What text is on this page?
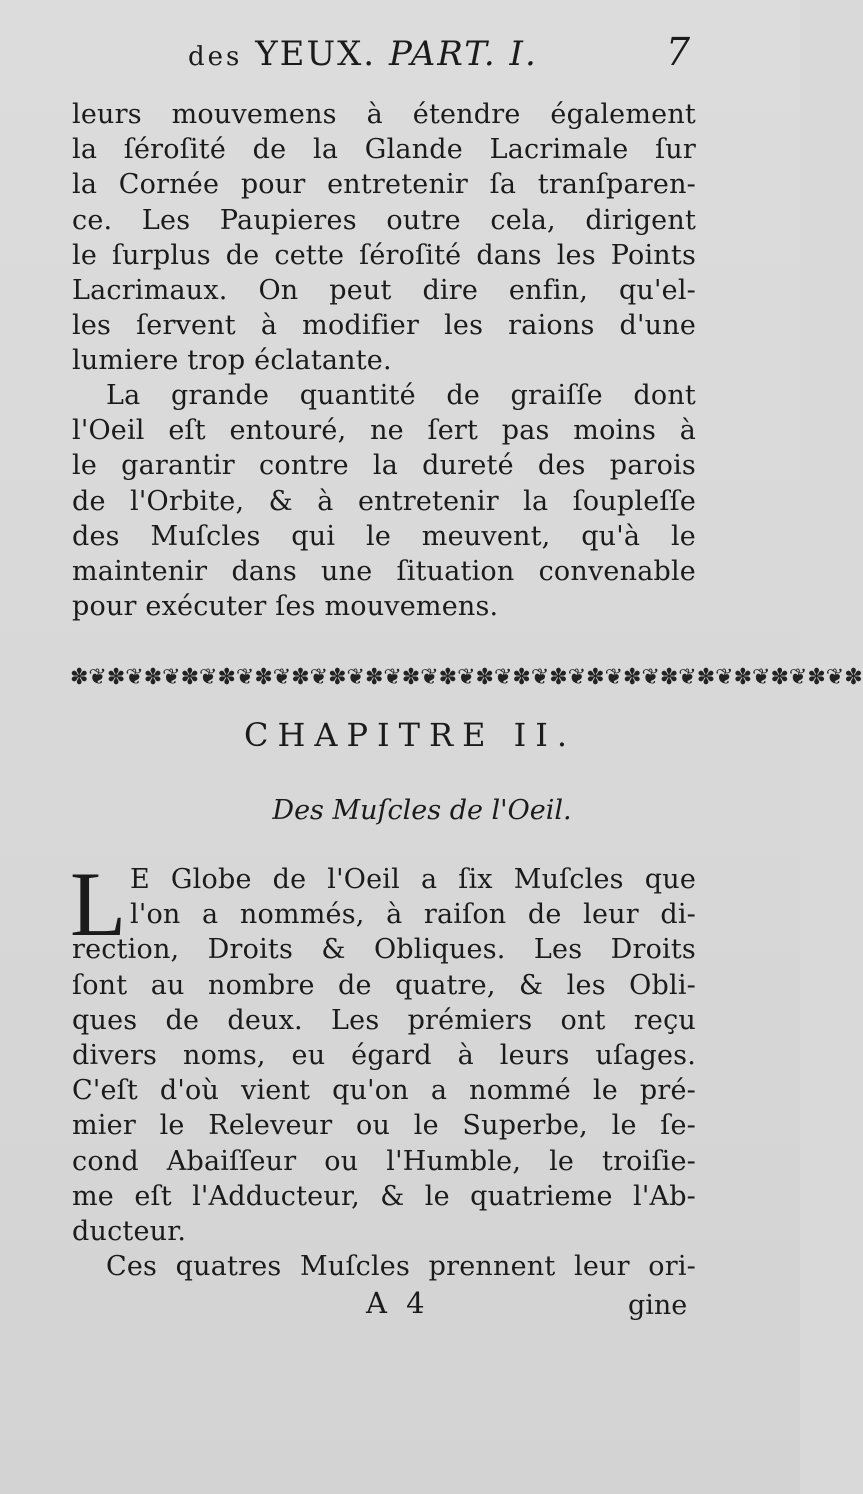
des YEUX. PART. I.	7
leurs mouvemens à étendre également
la ſéroſité de la Glande Lacrimale ſur
la Cornée pour entretenir ſa tranſparen-
ce. Les Paupieres outre cela, dirigent
le ſurplus de cette ſéroſité dans les Points
Lacrimaux. On peut dire enfin, qu'el-
les ſervent à modifier les raions d'une
lumiere trop éclatante.
La grande quantité de graiſſe dont
l'Oeil eſt entouré, ne ſert pas moins à
le garantir contre la dureté des parois
de l'Orbite, & à entretenir la ſoupleſſe
des Muſcles qui le meuvent, qu'à le
maintenir dans une ſituation convenable
pour exécuter ſes mouvemens.
✽❦✽❦✽❦✽❦✽❦✽❦✽❦✽❦✽❦✽❦✽❦✽❦✽❦✽❦✽❦✽❦✽❦✽❦✽❦✽❦✽❦✽
CHAPITRE II.
Des Muſcles de l'Oeil.
L E Globe de l'Oeil a ſix Muſcles que
l'on a nommés, à raiſon de leur di-
rection, Droits & Obliques. Les Droits
ſont au nombre de quatre, & les Obli-
ques de deux. Les prémiers ont reçu
divers noms, eu égard à leurs uſages.
C'eſt d'où vient qu'on a nommé le pré-
mier le Releveur ou le Superbe, le ſe-
cond Abaiſſeur ou l'Humble, le troiſie-
me eſt l'Adducteur, & le quatrieme l'Ab-
ducteur.
Ces quatres Muſcles prennent leur ori-
A 4	gine
